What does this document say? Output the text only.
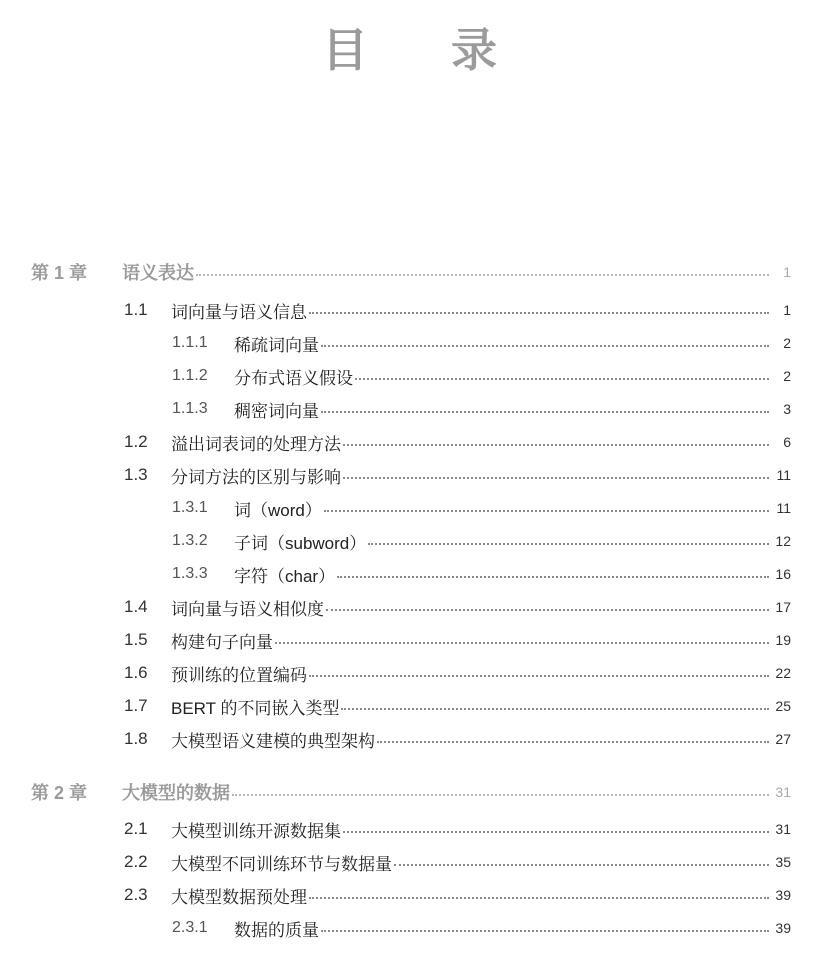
目 录
第 1 章 语义表达	1
1.1	词向量与语义信息	1
1.1.1	稀疏词向量	2
1.1.2	分布式语义假设	2
1.1.3	稠密词向量	3
1.2	溢出词表词的处理方法	6
1.3	分词方法的区别与影响	11
1.3.1	词（word）	11
1.3.2	子词（subword）	12
1.3.3	字符（char）	16
1.4	词向量与语义相似度	17
1.5	构建句子向量	19
1.6	预训练的位置编码	22
1.7	BERT 的不同嵌入类型	25
1.8	大模型语义建模的典型架构	27
第 2 章 大模型的数据	31
2.1	大模型训练开源数据集	31
2.2	大模型不同训练环节与数据量	35
2.3	大模型数据预处理	39
2.3.1	数据的质量	39
